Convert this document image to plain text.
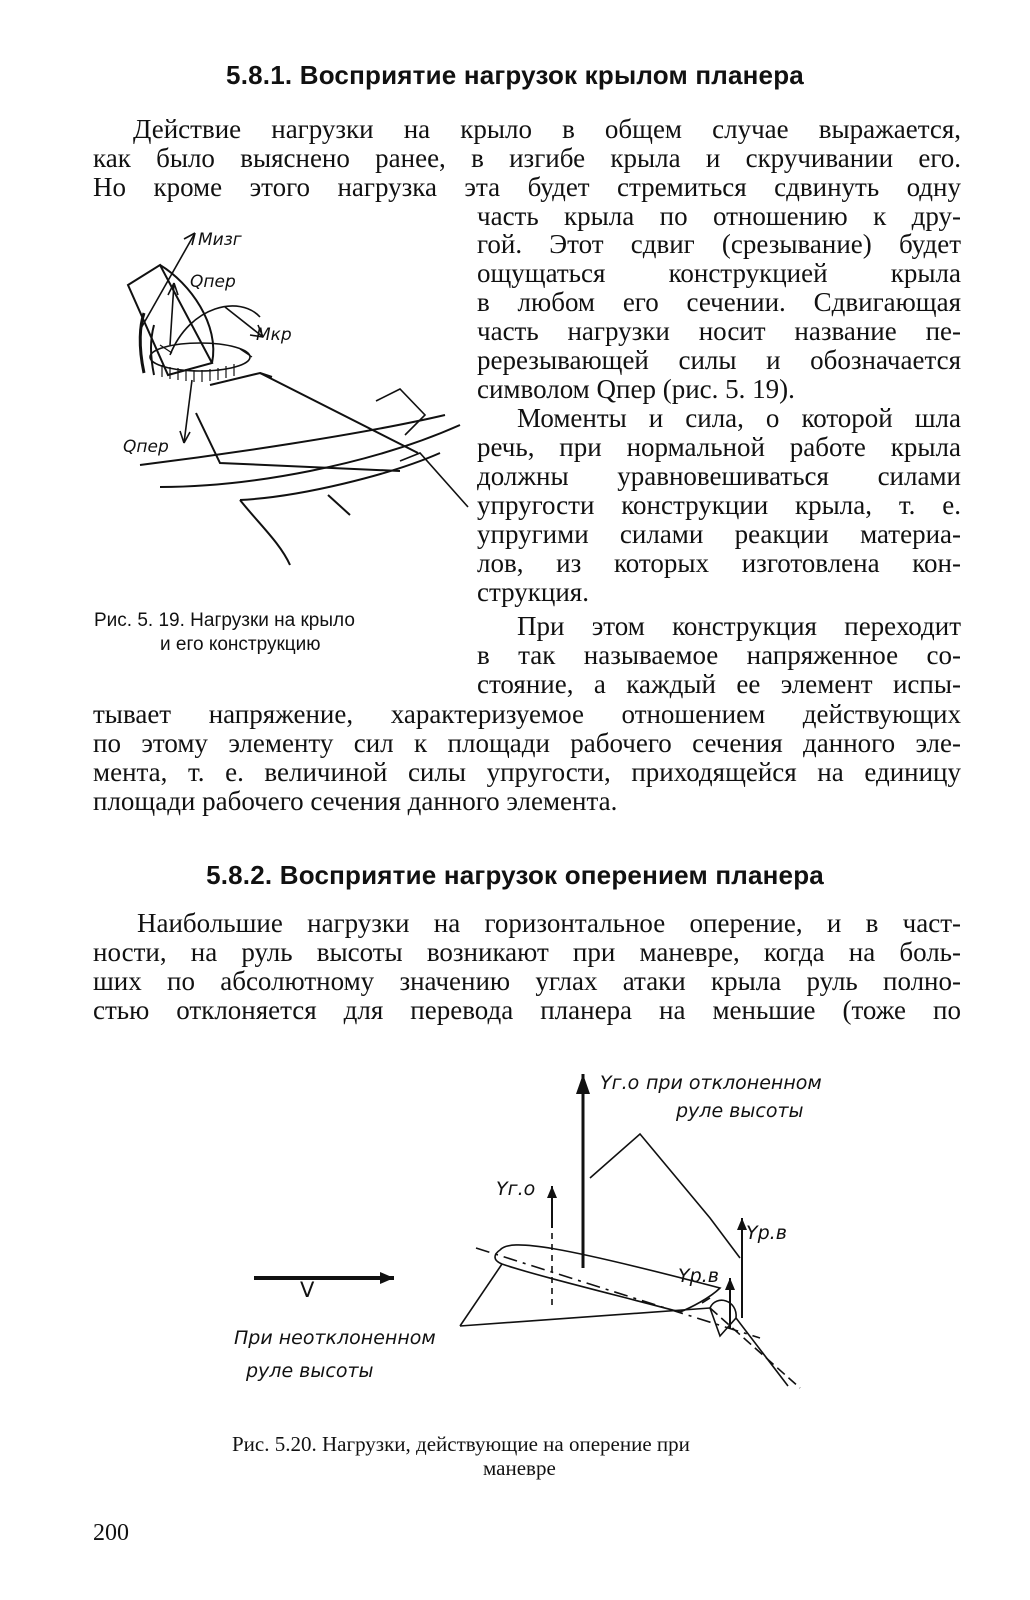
5.8.1. Восприятие нагрузок крылом планера
Действие нагрузки на крыло в общем случае выражается,
как было выяснено ранее, в изгибе крыла и скручивании его.
Но кроме этого нагрузка эта будет стремиться сдвинуть одну
часть крыла по отношению к дру-
гой. Этот сдвиг (срезывание) будет
ощущаться конструкцией крыла
в любом его сечении. Сдвигающая
часть нагрузки носит название пе-
ререзывающей силы и обозначается
символом Qпер (рис. 5. 19).
Моменты и сила, о которой шла
речь, при нормальной работе крыла
должны уравновешиваться силами
упругости конструкции крыла, т. е.
упругими силами реакции материа-
лов, из которых изготовлена кон-
струкция.
При этом конструкция переходит
в так называемое напряженное со-
стояние, а каждый ее элемент испы-
тывает напряжение, характеризуемое отношением действующих
по этому элементу сил к площади рабочего сечения данного эле-
мента, т. е. величиной силы упругости, приходящейся на единицу
площади рабочего сечения данного элемента.
Mизг
Qпер
Mкр
Qпер
Рис. 5. 19. Нагрузки на крыло
и его конструкцию
5.8.2. Восприятие нагрузок оперением планера
Наибольшие нагрузки на горизонтальное оперение, и в част-
ности, на руль высоты возникают при маневре, когда на боль-
ших по абсолютному значению углах атаки крыла руль полно-
стью отклоняется для перевода планера на меньшие (тоже по
Yг.о при отклоненном
руле высоты
Yг.о
Yр.в
Yр.в
V
При неотклоненном
руле высоты
Рис. 5.20. Нагрузки, действующие на оперение при
маневре
200
